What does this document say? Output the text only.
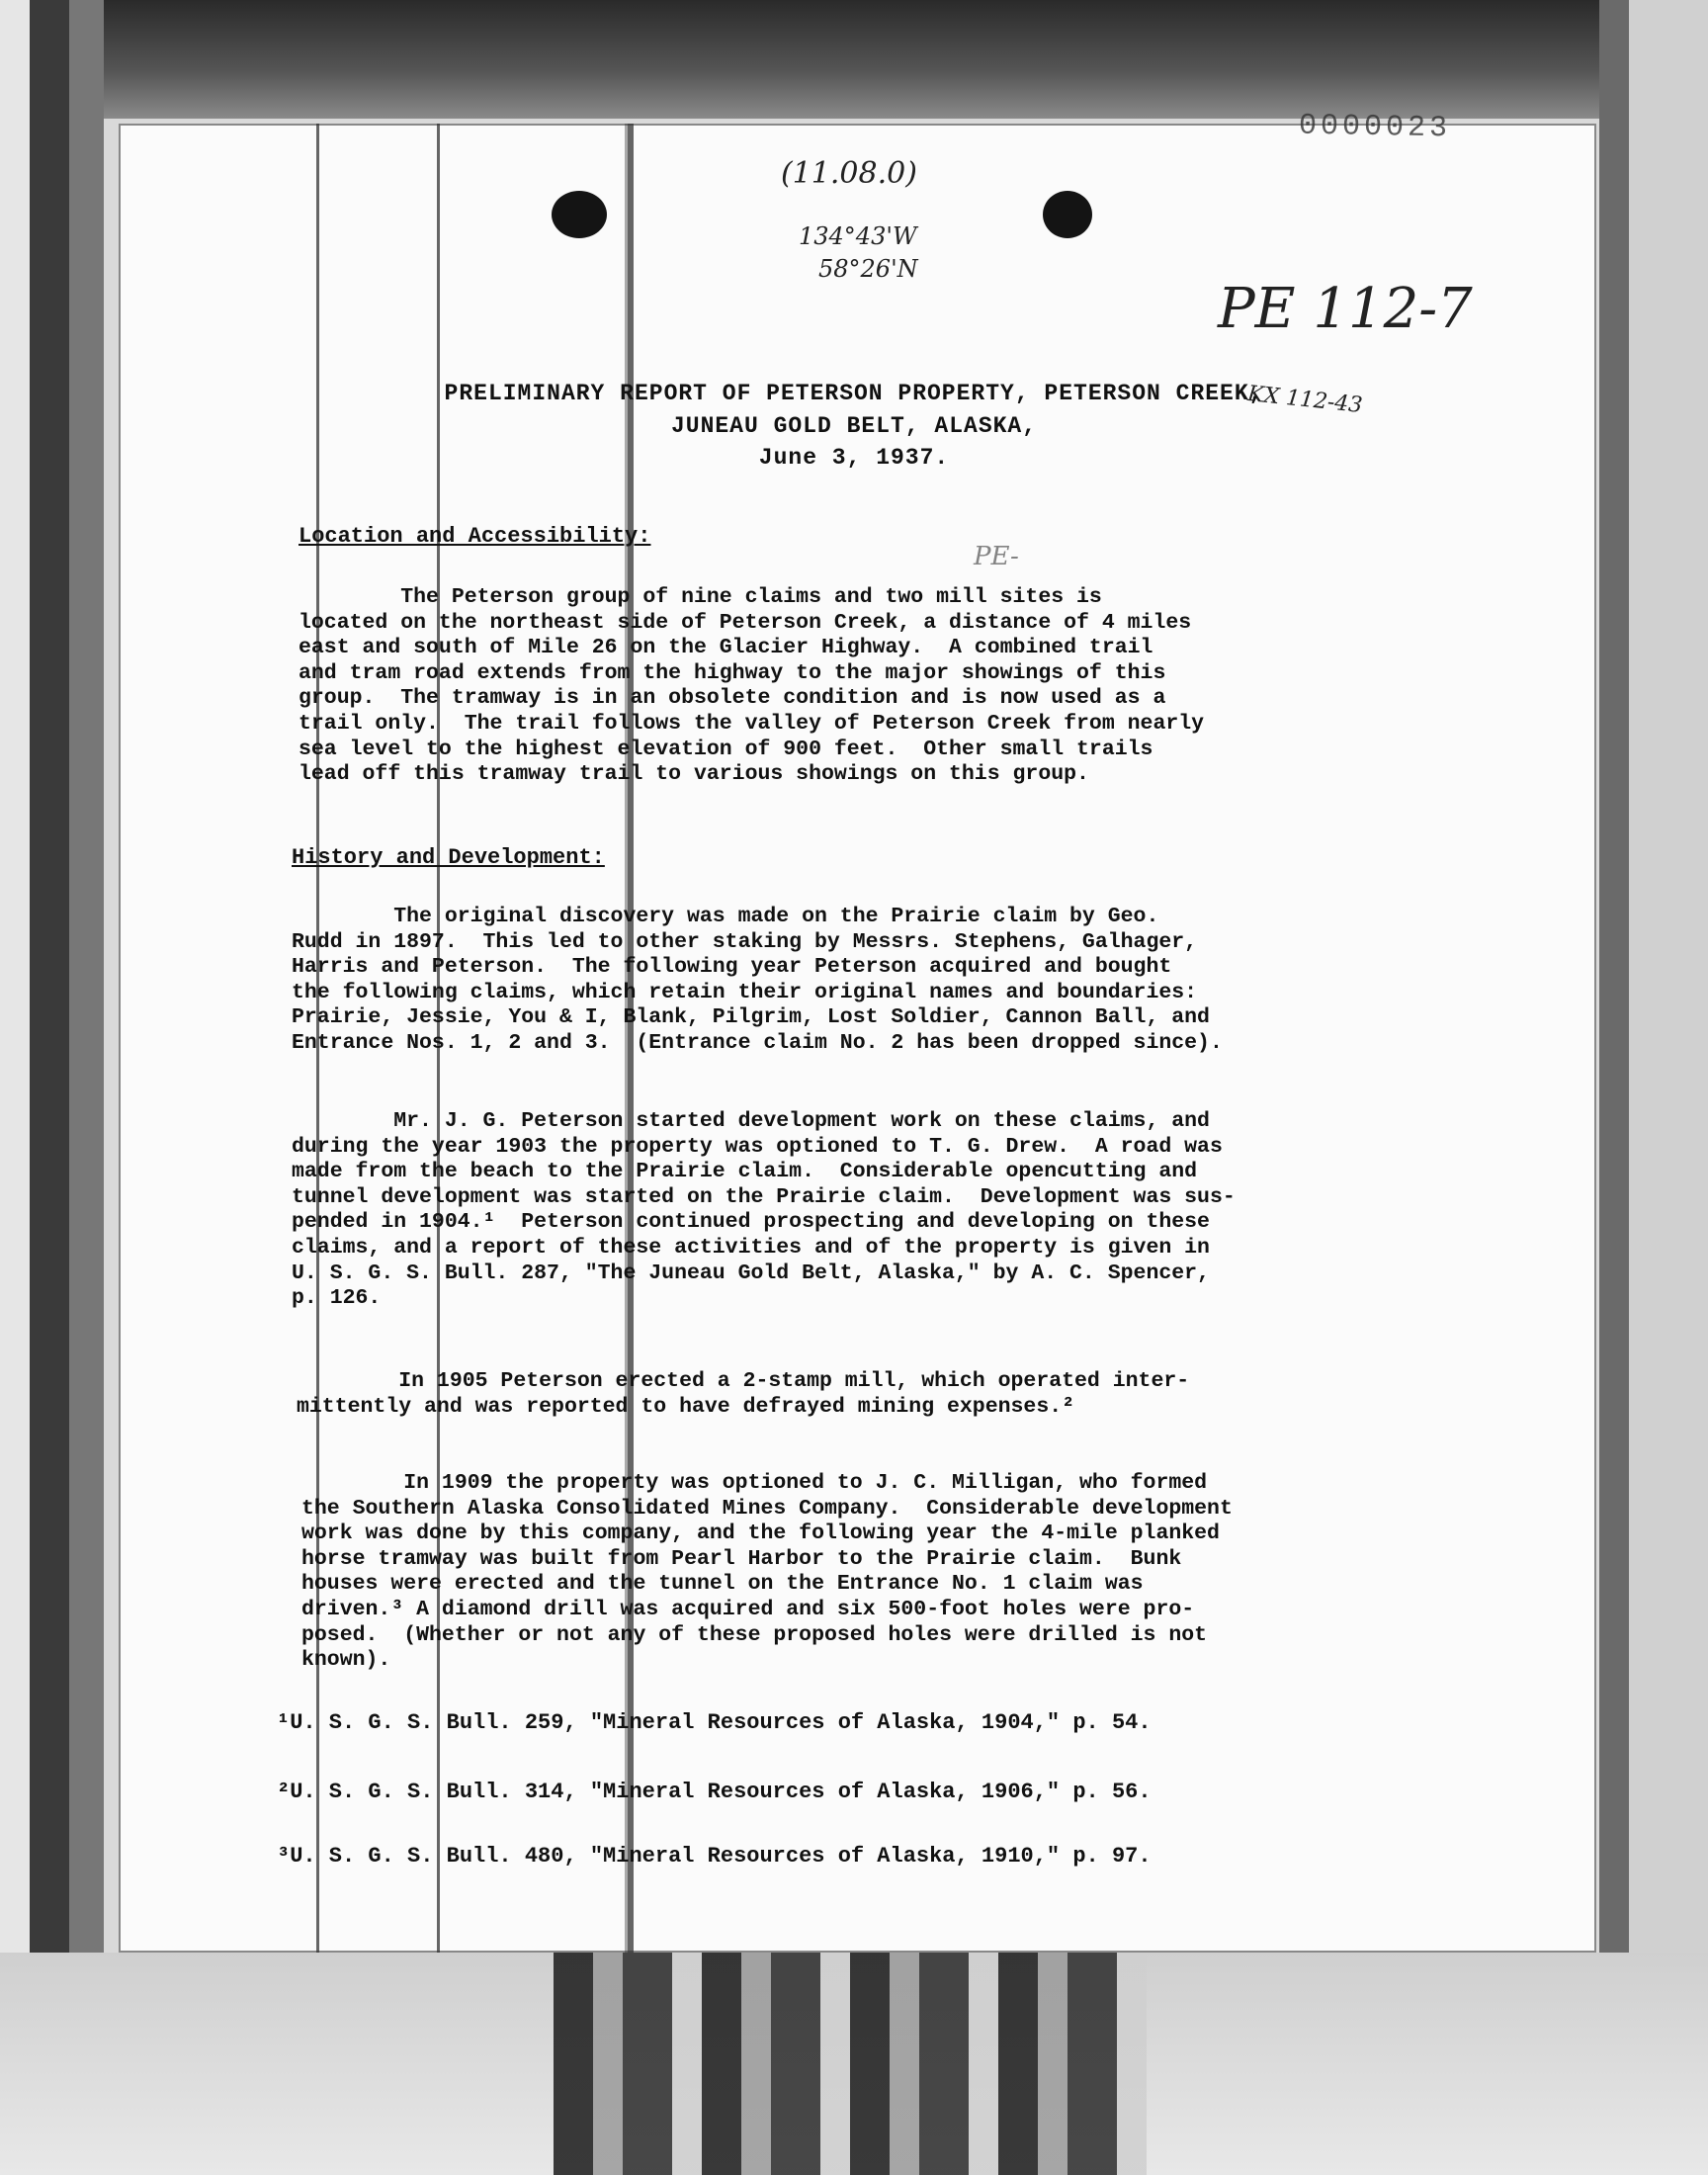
0000023
(11.08.0)
134°43'W
58°26'N
PE 112-7
KX 112-43
PE-
PRELIMINARY REPORT OF PETERSON PROPERTY, PETERSON CREEK,
JUNEAU GOLD BELT, ALASKA,
June 3, 1937.
Location and Accessibility:
The Peterson group of nine claims and two mill sites is
located on the northeast side of Peterson Creek, a distance of 4 miles
east and south of Mile 26 on the Glacier Highway.  A combined trail
and tram road extends from the highway to the major showings of this
group.  The tramway is in an obsolete condition and is now used as a
trail only.  The trail follows the valley of Peterson Creek from nearly
sea level to the highest elevation of 900 feet.  Other small trails
lead off this tramway trail to various showings on this group.
History and Development:
The original discovery was made on the Prairie claim by Geo.
Rudd in 1897.  This led to other staking by Messrs. Stephens, Galhager,
Harris and Peterson.  The following year Peterson acquired and bought
the following claims, which retain their original names and boundaries:
Prairie, Jessie, You & I, Blank, Pilgrim, Lost Soldier, Cannon Ball, and
Entrance Nos. 1, 2 and 3.  (Entrance claim No. 2 has been dropped since).
Mr. J. G. Peterson started development work on these claims, and
during the year 1903 the property was optioned to T. G. Drew.  A road was
made from the beach to the Prairie claim.  Considerable opencutting and
tunnel development was started on the Prairie claim.  Development was sus-
pended in 1904.¹  Peterson continued prospecting and developing on these
claims, and a report of these activities and of the property is given in
U. S. G. S. Bull. 287, "The Juneau Gold Belt, Alaska," by A. C. Spencer,
p. 126.
In 1905 Peterson erected a 2-stamp mill, which operated inter-
mittently and was reported to have defrayed mining expenses.²
In 1909 the property was optioned to J. C. Milligan, who formed
the Southern Alaska Consolidated Mines Company.  Considerable development
work was done by this company, and the following year the 4-mile planked
horse tramway was built from Pearl Harbor to the Prairie claim.  Bunk
houses were erected and the tunnel on the Entrance No. 1 claim was
driven.³ A diamond drill was acquired and six 500-foot holes were pro-
posed.  (Whether or not any of these proposed holes were drilled is not
known).
¹U. S. G. S. Bull. 259, "Mineral Resources of Alaska, 1904," p. 54.
²U. S. G. S. Bull. 314, "Mineral Resources of Alaska, 1906," p. 56.
³U. S. G. S. Bull. 480, "Mineral Resources of Alaska, 1910," p. 97.
